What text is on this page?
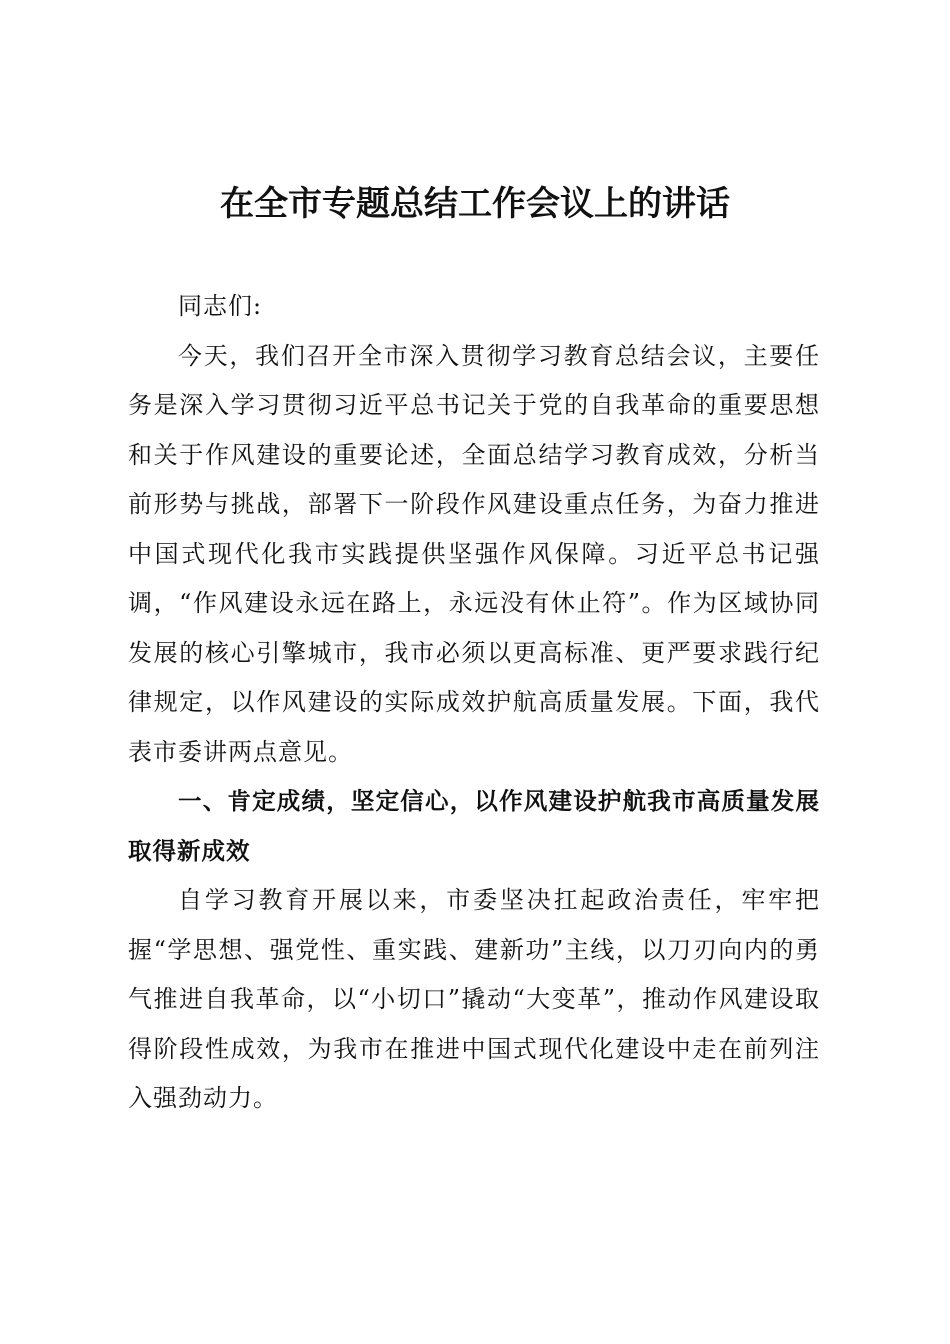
在全市专题总结工作会议上的讲话

同志们:

今天，我们召开全市深入贯彻学习教育总结会议，主要任务是深入学习贯彻习近平总书记关于党的自我革命的重要思想和关于作风建设的重要论述，全面总结学习教育成效，分析当前形势与挑战，部署下一阶段作风建设重点任务，为奋力推进中国式现代化我市实践提供坚强作风保障。习近平总书记强调，“作风建设永远在路上，永远没有休止符”。作为区域协同发展的核心引擎城市，我市必须以更高标准、更严要求践行纪律规定，以作风建设的实际成效护航高质量发展。下面，我代表市委讲两点意见。

一、肯定成绩，坚定信心，以作风建设护航我市高质量发展取得新成效

自学习教育开展以来，市委坚决扛起政治责任，牢牢把握“学思想、强党性、重实践、建新功”主线，以刀刃向内的勇气推进自我革命，以“小切口”撬动“大变革”，推动作风建设取得阶段性成效，为我市在推进中国式现代化建设中走在前列注入强劲动力。
